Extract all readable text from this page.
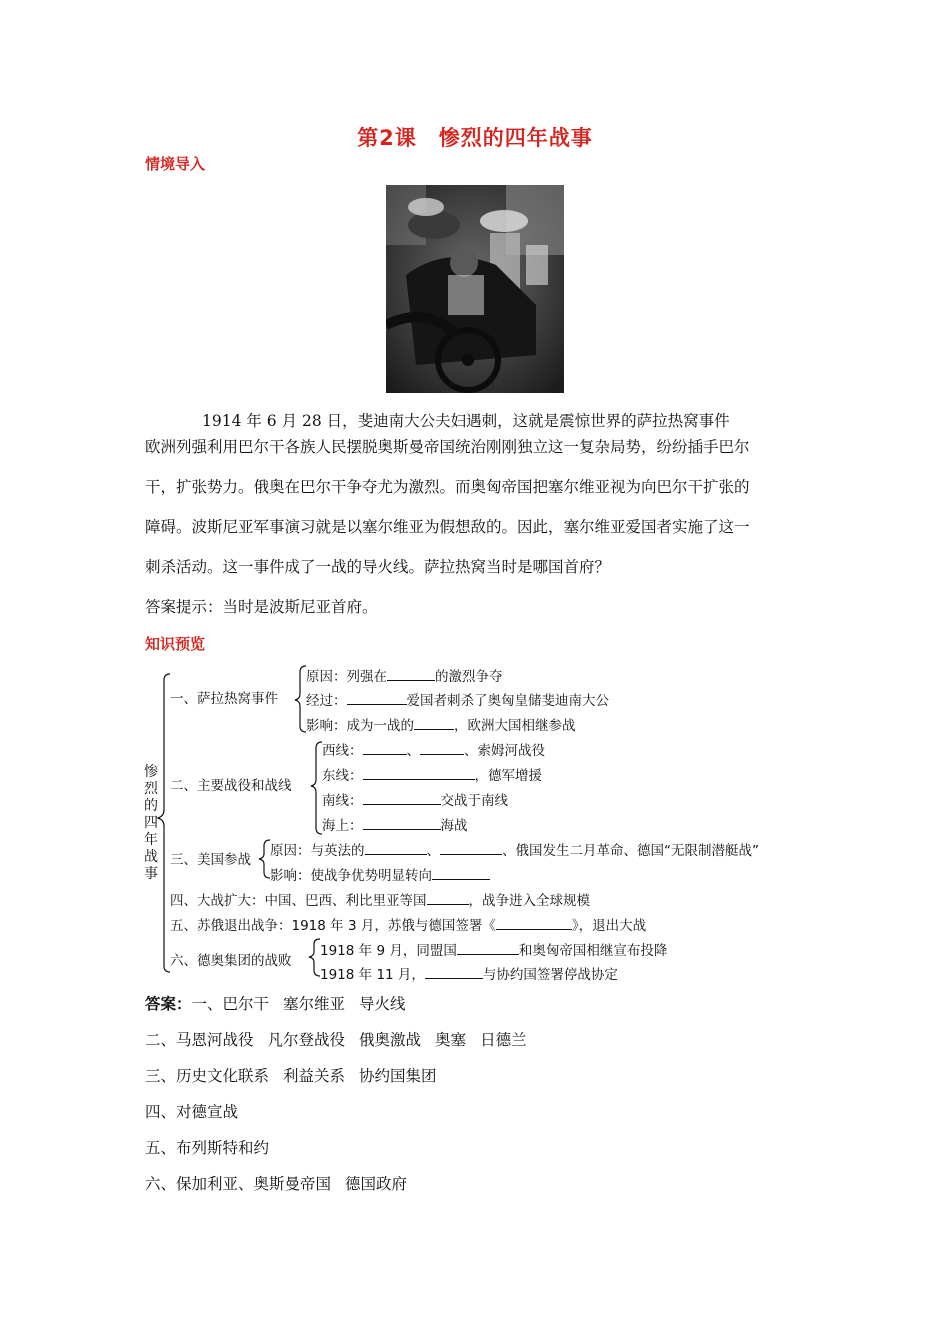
第2课　惨烈的四年战事
情境导入
1914 年 6 月 28 日，斐迪南大公夫妇遇刺，这就是震惊世界的萨拉热窝事件
欧洲列强利用巴尔干各族人民摆脱奥斯曼帝国统治刚刚独立这一复杂局势，纷纷插手巴尔
干，扩张势力。俄奥在巴尔干争夺尤为激烈。而奥匈帝国把塞尔维亚视为向巴尔干扩张的
障碍。波斯尼亚军事演习就是以塞尔维亚为假想敌的。因此，塞尔维亚爱国者实施了这一
刺杀活动。这一事件成了一战的导火线。萨拉热窝当时是哪国首府？
答案提示：当时是波斯尼亚首府。
知识预览
惨
烈
的
四
年
战
事
一、萨拉热窝事件
原因：列强在	的激烈争夺
经过：	爱国者刺杀了奥匈皇储斐迪南大公
影响：成为一战的	，欧洲大国相继参战
二、主要战役和战线
西线：	、	、索姆河战役
东线：	，德军增援
南线：	交战于南线
海上：	海战
三、美国参战
原因：与英法的	、	、俄国发生二月革命、德国“无限制潜艇战”
影响：使战争优势明显转向
四、大战扩大：中国、巴西、利比里亚等国	，战争进入全球规模
五、苏俄退出战争：1918 年 3 月，苏俄与德国签署《	》，退出大战
六、德奥集团的战败
1918 年 9 月，同盟国	和奥匈帝国相继宣布投降
1918 年 11 月，	与协约国签署停战协定
答案：一、巴尔干 塞尔维亚 导火线
二、马恩河战役 凡尔登战役 俄奥激战 奥塞 日德兰
三、历史文化联系 利益关系 协约国集团
四、对德宣战
五、布列斯特和约
六、保加利亚、奥斯曼帝国 德国政府
